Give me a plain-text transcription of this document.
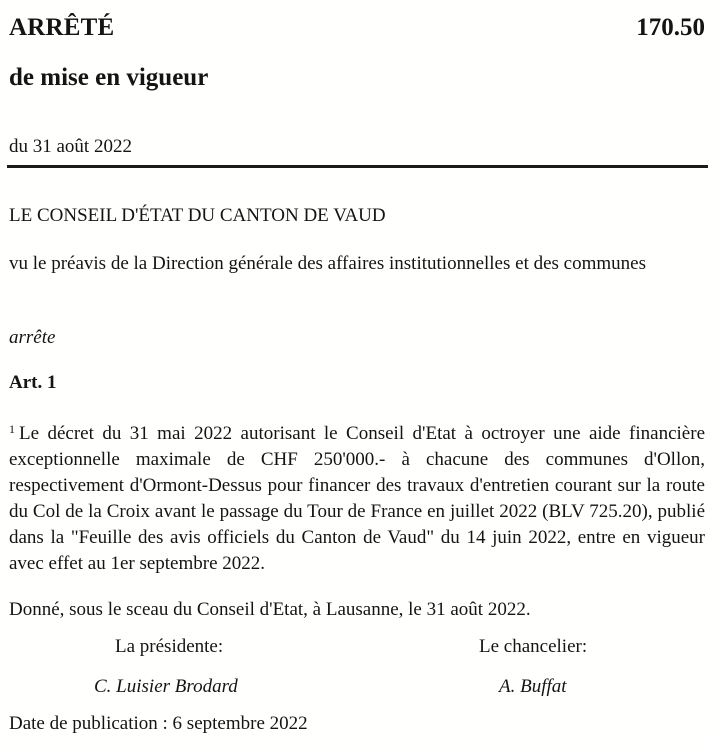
ARRÊTÉ	170.50
de mise en vigueur
du 31 août 2022
LE CONSEIL D'ÉTAT DU CANTON DE VAUD
vu le préavis de la Direction générale des affaires institutionnelles et des communes
arrête
Art. 1

$^1$ Le décret du 31 mai 2022 autorisant le Conseil d'Etat à octroyer une aide financière exceptionnelle maximale de CHF 250'000.- à chacune des communes d'Ollon, respectivement d'Ormont-Dessus pour financer des travaux d'entretien courant sur la route du Col de la Croix avant le passage du Tour de France en juillet 2022 (BLV 725.20), publié dans la "Feuille des avis officiels du Canton de Vaud" du 14 juin 2022, entre en vigueur avec effet au 1er septembre 2022.

Donné, sous le sceau du Conseil d'Etat, à Lausanne, le 31 août 2022.
La présidente:	Le chancelier:
C. Luisier Brodard	A. Buffat
Date de publication : 6 septembre 2022
